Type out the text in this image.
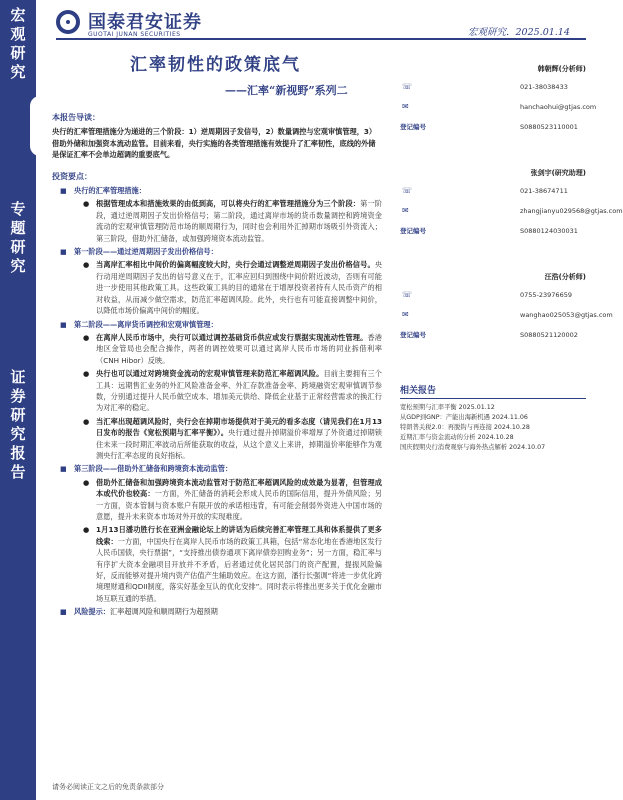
宏
观
研
究
专
题
研
究
证
券
研
究
报
告
国泰君安证券
GUOTAI JUNAN SECURITIES	宏观研究．2025.01.14
汇率韧性的政策底气
——汇率“新视野”系列二
本报告导读：
央行的汇率管理措施分为递进的三个阶段：1）逆周期因子发信号，2）数量调控与宏观审慎管理，3）借助外储和加强资本流动监管。目前来看，央行实施的各类管理措施有效提升了汇率韧性，底线的外储是保证汇率不会单边超调的重要底气。
投资要点：
■ 央行的汇率管理措施：
● 根据管理成本和措施效果的由低到高，可以将央行的汇率管理措施分为三个阶段：第一阶段，通过逆周期因子发出价格信号；第二阶段，通过离岸市场的货币数量调控和跨境资金流动的宏观审慎管理防范市场的顺周期行为，同时也会利用外汇掉期市场吸引外资流入；第三阶段，借助外汇储备，或加强跨境资本流动监管。
■ 第一阶段——通过逆周期因子发出价格信号：
● 当离岸汇率相比中间价的偏离幅度较大时，央行会通过调整逆周期因子发出价格信号。央行动用逆周期因子发出的信号意义在于，汇率应回归到围绕中间价附近波动，否则有可能进一步使用其他政策工具。这些政策工具的目的通常在于增厚投资者持有人民币资产的相对收益，从而减少做空需求，防范汇率超调风险。此外，央行也有可能直接调整中间价，以降低市场价偏离中间价的幅度。
■ 第二阶段——离岸货币调控和宏观审慎管理：
● 在离岸人民币市场中，央行可以通过调控基础货币供应或发行票据实现流动性管理。香港地区金管局也会配合操作，两者的调控效果可以通过离岸人民币市场的同业拆借利率（CNH Hibor）反映。
● 央行也可以通过对跨境资金流动的宏观审慎管理来防范汇率超调风险。目前主要拥有三个工具：远期售汇业务的外汇风险准备金率、外汇存款准备金率、跨境融资宏观审慎调节参数，分别通过提升人民币做空成本、增加美元供给、降低企业基于正常经营需求的换汇行为对汇率的稳定。
● 当汇率出现超调风险时，央行会在掉期市场提供对于美元的看多态度（请见我们在1月13日发布的报告《宽松预期与汇率平衡》）。央行通过提升掉期溢价率增厚了外资通过掉期锁住未来一段时期汇率波动后所能获取的收益，从这个意义上来讲，掉期溢价率能够作为观测央行汇率态度的良好指标。
■ 第三阶段——借助外汇储备和跨境资本流动监管：
● 借助外汇储备和加强跨境资本流动监管对于防范汇率超调风险的成效最为显著，但管理成本或代价也较高：一方面，外汇储备的消耗会形成人民币的国际信用，提升外债风险；另一方面，资本管制与资本账户有限开放的承诺相违背，有可能会削弱外资进入中国市场的意愿，提升未来资本市场对外开放的实现难度。
● 1月13日潘功胜行长在亚洲金融论坛上的讲话为后续完善汇率管理工具和体系提供了更多线索：一方面，中国央行在离岸人民币市场的政策工具箱，包括“常态化地在香港地区发行人民币国债，央行票据”，“支持推出债券通项下离岸债券回购业务”；另一方面，稳汇率与有序扩大资本金融项目开放并不矛盾，后者通过优化居民部门的资产配置，提振风险偏好，反而能够对提升境内资产估值产生辅助效应。在这方面，潘行长强调“将进一步优化跨境理财通和QDII制度，落实好基金互认的优化安排”。同时表示将推出更多关于优化金融市场互联互通的举措。
■ 风险提示：汇率超调风险和顺周期行为超预期
请务必阅读正文之后的免责条款部分
韩朝辉(分析师)
☏	021-38038433
✉	hanchaohui@gtjas.com
登记编号	S0880523110001
张剑宇(研究助理)
☏	021-38674711
✉	zhangjianyu029568@gtjas.com
登记编号	S0880124030031
汪浩(分析师)
☏	0755-23976659
✉	wanghao025053@gtjas.com
登记编号	S0880521120002
相关报告
宽松预期与汇率平衡 2025.01.12
从GDP到GNP：产能出海新机遇 2024.11.06
特朗普关税2.0：再脱钩与再连接 2024.10.28
近期汇率与资金流动的分析 2024.10.28
国庆假期央行消费观察与海外热点解析 2024.10.07
